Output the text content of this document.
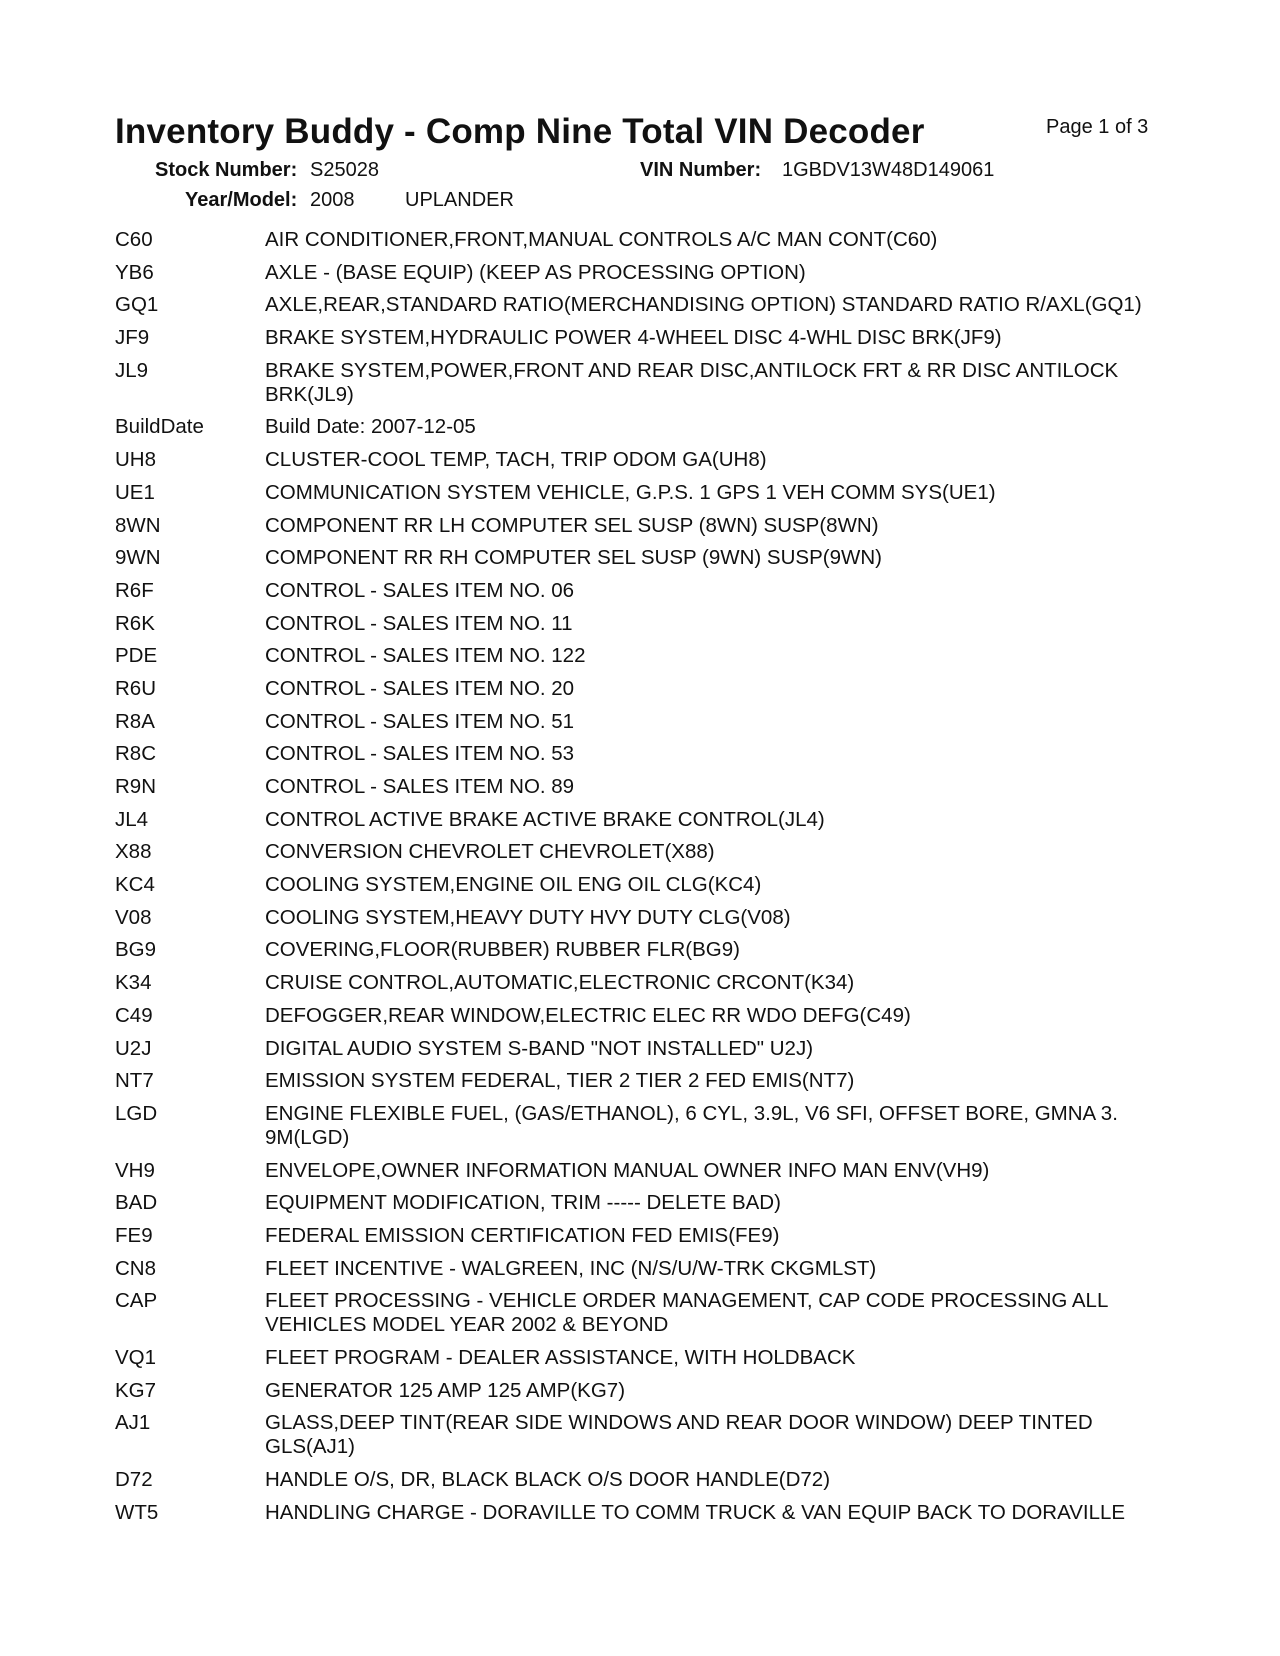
Inventory Buddy - Comp Nine Total VIN Decoder	Page 1 of 3
Stock Number: S25028	VIN Number: 1GBDV13W48D149061
Year/Model: 2008	UPLANDER
C60	AIR CONDITIONER,FRONT,MANUAL CONTROLS A/C MAN CONT(C60)
YB6	AXLE - (BASE EQUIP) (KEEP AS PROCESSING OPTION)
GQ1	AXLE,REAR,STANDARD RATIO(MERCHANDISING OPTION) STANDARD RATIO R/AXL(GQ1)
JF9	BRAKE SYSTEM,HYDRAULIC POWER 4-WHEEL DISC 4-WHL DISC BRK(JF9)
JL9	BRAKE SYSTEM,POWER,FRONT AND REAR DISC,ANTILOCK FRT & RR DISC ANTILOCK BRK(JL9)
BuildDate	Build Date: 2007-12-05
UH8	CLUSTER-COOL TEMP, TACH, TRIP ODOM GA(UH8)
UE1	COMMUNICATION SYSTEM VEHICLE, G.P.S. 1 GPS 1 VEH COMM SYS(UE1)
8WN	COMPONENT RR LH COMPUTER SEL SUSP (8WN) SUSP(8WN)
9WN	COMPONENT RR RH COMPUTER SEL SUSP (9WN) SUSP(9WN)
R6F	CONTROL - SALES ITEM NO. 06
R6K	CONTROL - SALES ITEM NO. 11
PDE	CONTROL - SALES ITEM NO. 122
R6U	CONTROL - SALES ITEM NO. 20
R8A	CONTROL - SALES ITEM NO. 51
R8C	CONTROL - SALES ITEM NO. 53
R9N	CONTROL - SALES ITEM NO. 89
JL4	CONTROL ACTIVE BRAKE ACTIVE BRAKE CONTROL(JL4)
X88	CONVERSION CHEVROLET CHEVROLET(X88)
KC4	COOLING SYSTEM,ENGINE OIL ENG OIL CLG(KC4)
V08	COOLING SYSTEM,HEAVY DUTY HVY DUTY CLG(V08)
BG9	COVERING,FLOOR(RUBBER) RUBBER FLR(BG9)
K34	CRUISE CONTROL,AUTOMATIC,ELECTRONIC CRCONT(K34)
C49	DEFOGGER,REAR WINDOW,ELECTRIC ELEC RR WDO DEFG(C49)
U2J	DIGITAL AUDIO SYSTEM S-BAND "NOT INSTALLED" U2J)
NT7	EMISSION SYSTEM FEDERAL, TIER 2 TIER 2 FED EMIS(NT7)
LGD	ENGINE FLEXIBLE FUEL, (GAS/ETHANOL), 6 CYL, 3.9L, V6 SFI, OFFSET BORE, GMNA 3. 9M(LGD)
VH9	ENVELOPE,OWNER INFORMATION MANUAL OWNER INFO MAN ENV(VH9)
BAD	EQUIPMENT MODIFICATION, TRIM ----- DELETE BAD)
FE9	FEDERAL EMISSION CERTIFICATION FED EMIS(FE9)
CN8	FLEET INCENTIVE - WALGREEN, INC (N/S/U/W-TRK CKGMLST)
CAP	FLEET PROCESSING - VEHICLE ORDER MANAGEMENT, CAP CODE PROCESSING ALL VEHICLES MODEL YEAR 2002 & BEYOND
VQ1	FLEET PROGRAM - DEALER ASSISTANCE, WITH HOLDBACK
KG7	GENERATOR 125 AMP 125 AMP(KG7)
AJ1	GLASS,DEEP TINT(REAR SIDE WINDOWS AND REAR DOOR WINDOW) DEEP TINTED GLS(AJ1)
D72	HANDLE O/S, DR, BLACK BLACK O/S DOOR HANDLE(D72)
WT5	HANDLING CHARGE - DORAVILLE TO COMM TRUCK & VAN EQUIP BACK TO DORAVILLE
